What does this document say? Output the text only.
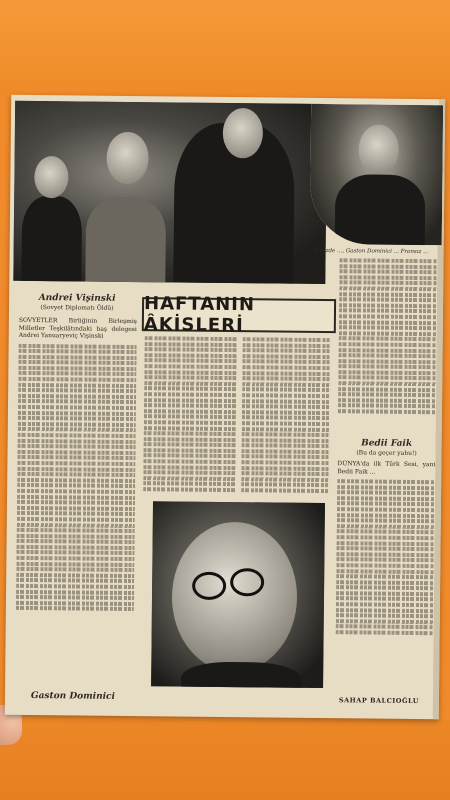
3 Yüzde ..., Gaston Dominici ... Fransız ...
Andrei Vişinski
(Sovyet Diplomatı Öldü)	HAFTANIN ÂKİSLERİ
SOVYETLER Birliğinin Birleşmiş Milletler Teşkilâtındaki baş delegesi Andrei Yanuaryeviç Vişinski
Gaston Dominici
Bedii Faik
(Bu da geçer yahu!)
DÜNYA'da ilk Türk Sesi, yani Bedii Faik ...
SAHAP BALCIOĞLU
